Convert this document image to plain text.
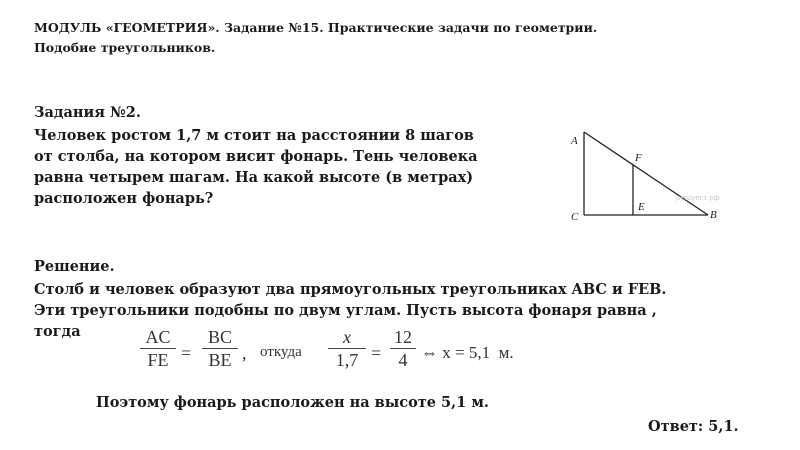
МОДУЛЬ «ГЕОМЕТРИЯ». Задание №15. Практические задачи по геометрии.
Подобие треугольников.
Задания №2.
Человек ростом 1,7 м стоит на расстоянии 8 шагов
от столба, на котором висит фонарь. Тень человека
равна четырем шагам. На какой высоте (в метрах)
расположен фонарь?
A
F
E
C	B
решуегэ.рф
Решение.
Столб и человек образуют два прямоугольных треугольниках ABC и FEB.
Эти треугольники подобны по двум углам. Пусть высота фонаря равна ,
тогда	AC
FE =
BC
BE , откуда
x
1,7 =
12
4 ⇔ x = 5,1  м.
Поэтому фонарь расположен на высоте 5,1 м.
Ответ: 5,1.
